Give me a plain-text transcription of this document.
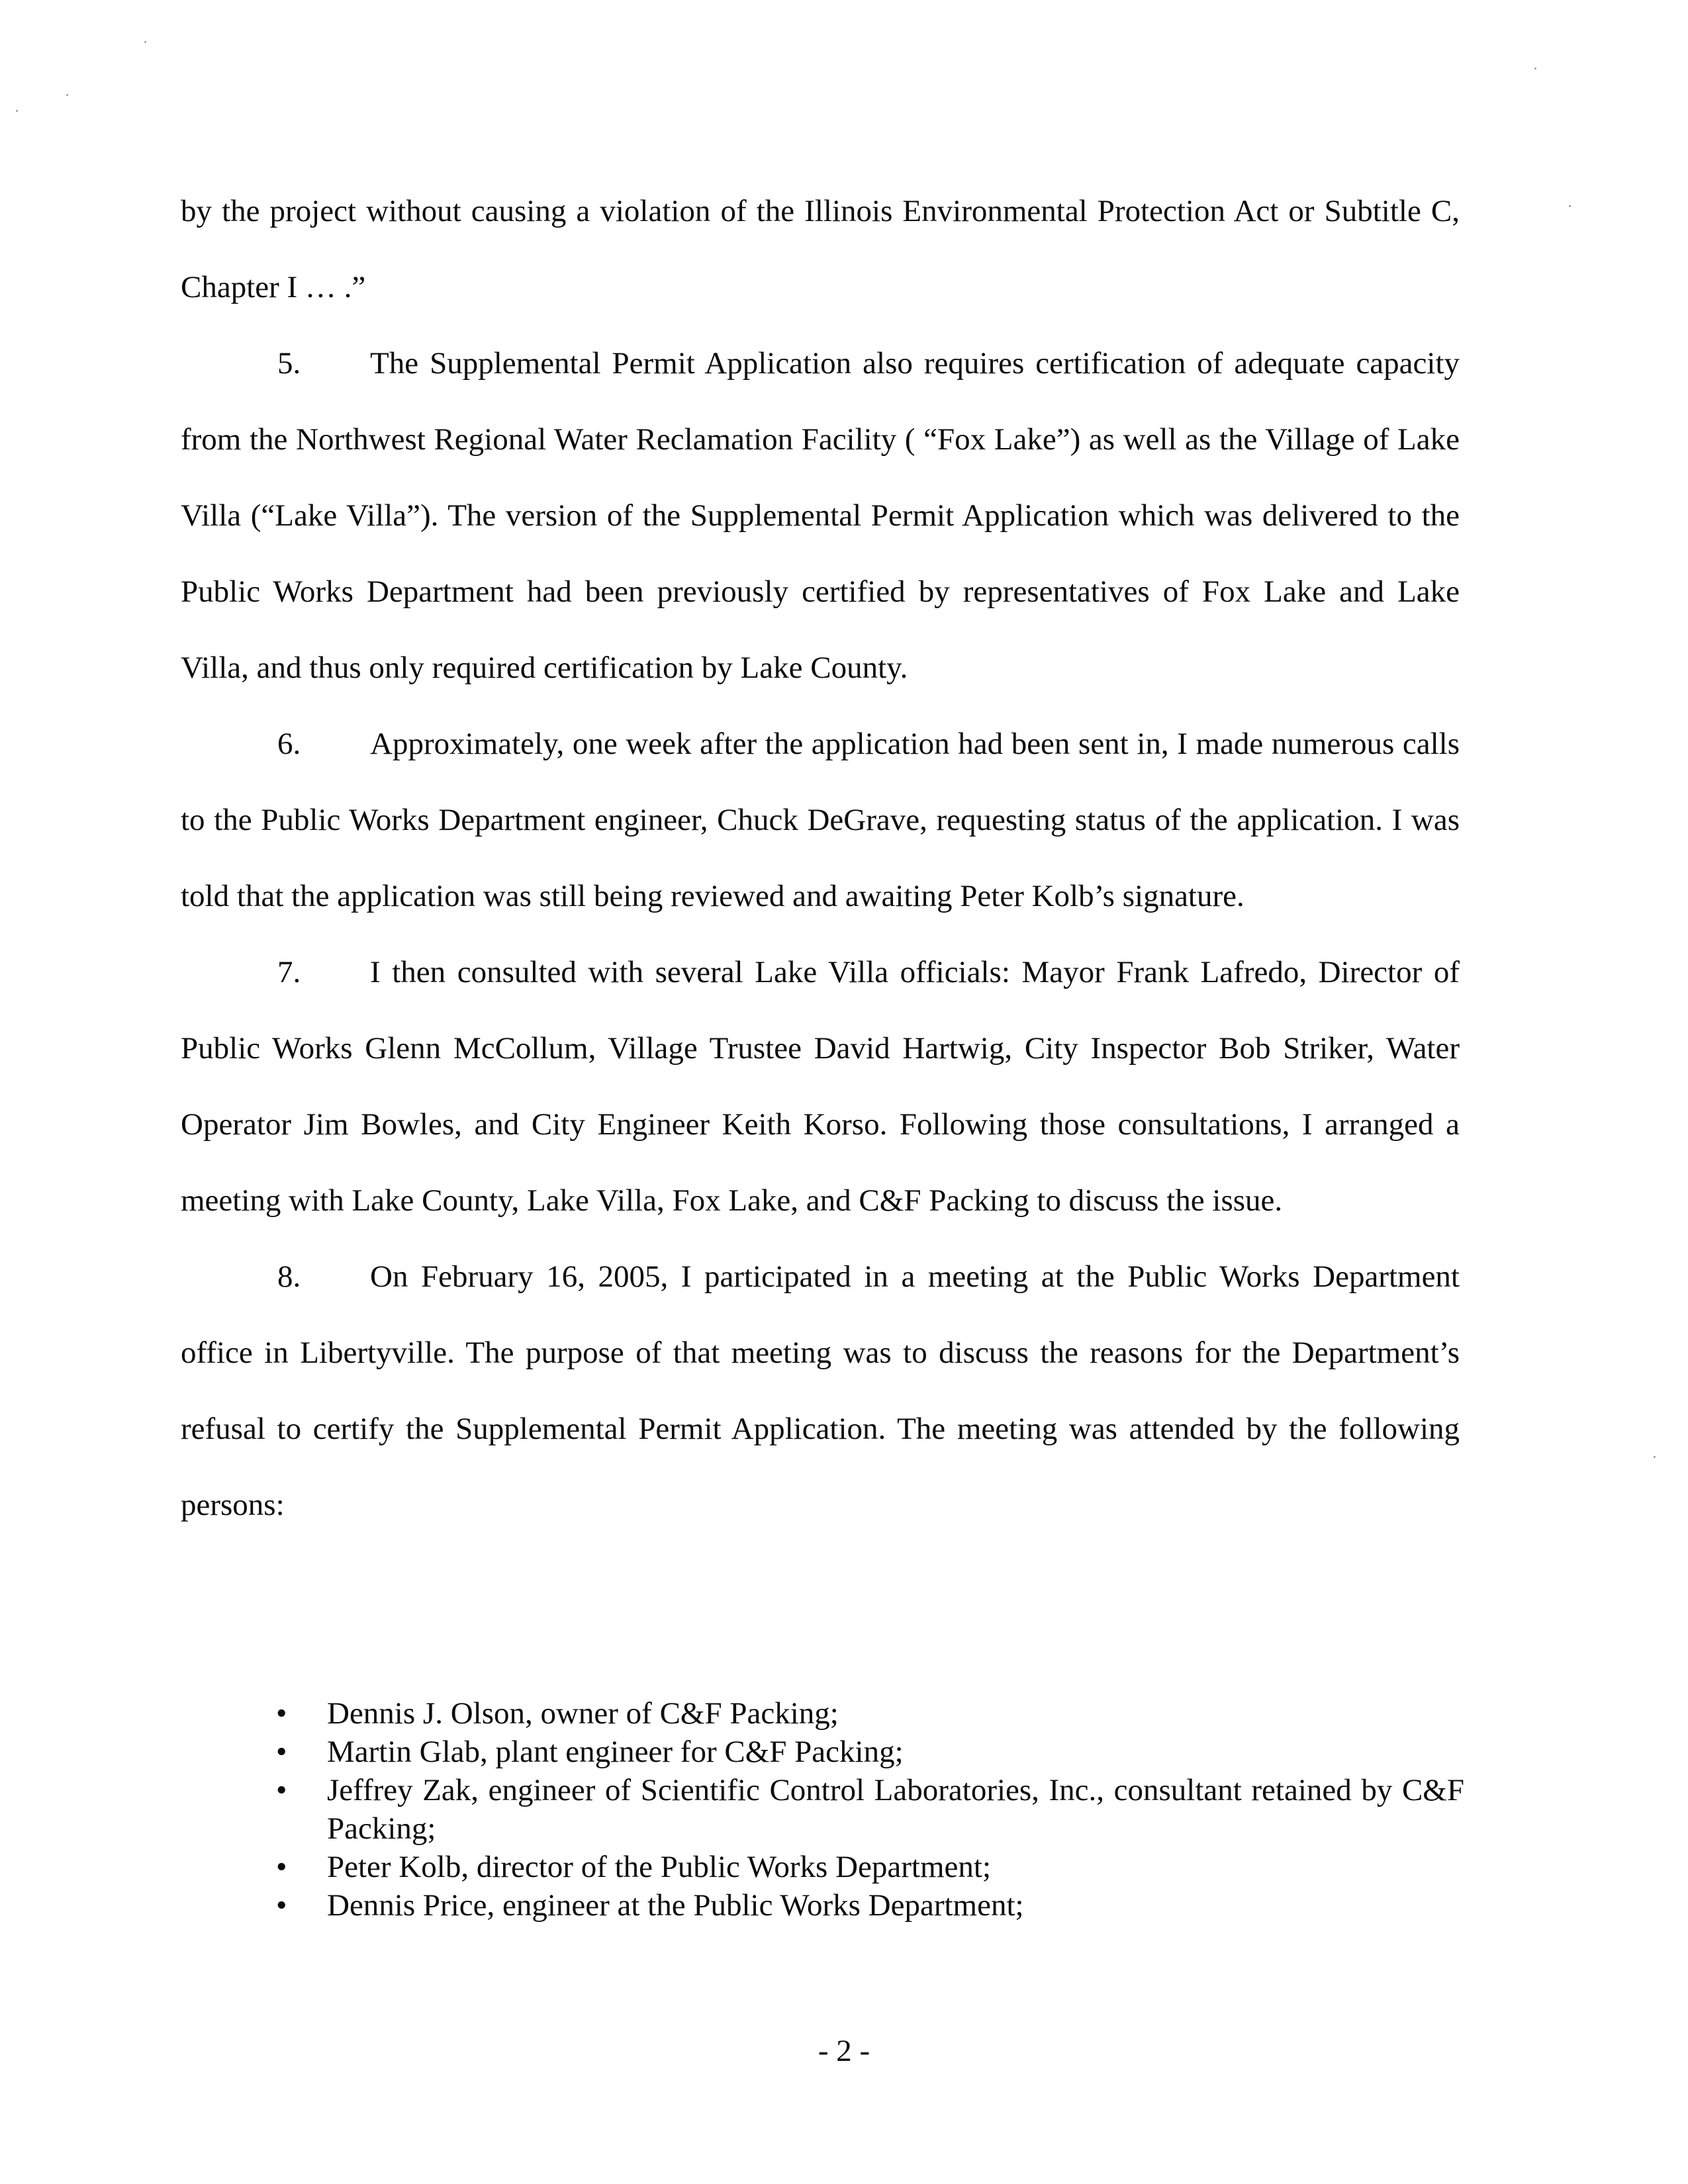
by the project without causing a violation of the Illinois Environmental Protection Act or Subtitle C, Chapter I … .”

5. The Supplemental Permit Application also requires certification of adequate capacity from the Northwest Regional Water Reclamation Facility ( “Fox Lake”) as well as the Village of Lake Villa (“Lake Villa”). The version of the Supplemental Permit Application which was delivered to the Public Works Department had been previously certified by representatives of Fox Lake and Lake Villa, and thus only required certification by Lake County.

6. Approximately, one week after the application had been sent in, I made numerous calls to the Public Works Department engineer, Chuck DeGrave, requesting status of the application. I was told that the application was still being reviewed and awaiting Peter Kolb’s signature.

7. I then consulted with several Lake Villa officials: Mayor Frank Lafredo, Director of Public Works Glenn McCollum, Village Trustee David Hartwig, City Inspector Bob Striker, Water Operator Jim Bowles, and City Engineer Keith Korso. Following those consultations, I arranged a meeting with Lake County, Lake Villa, Fox Lake, and C&F Packing to discuss the issue.

8. On February 16, 2005, I participated in a meeting at the Public Works Department office in Libertyville. The purpose of that meeting was to discuss the reasons for the Department’s refusal to certify the Supplemental Permit Application. The meeting was attended by the following persons:

• Dennis J. Olson, owner of C&F Packing;
• Martin Glab, plant engineer for C&F Packing;
• Jeffrey Zak, engineer of Scientific Control Laboratories, Inc., consultant retained by C&F Packing;
• Peter Kolb, director of the Public Works Department;
• Dennis Price, engineer at the Public Works Department;
- 2 -
